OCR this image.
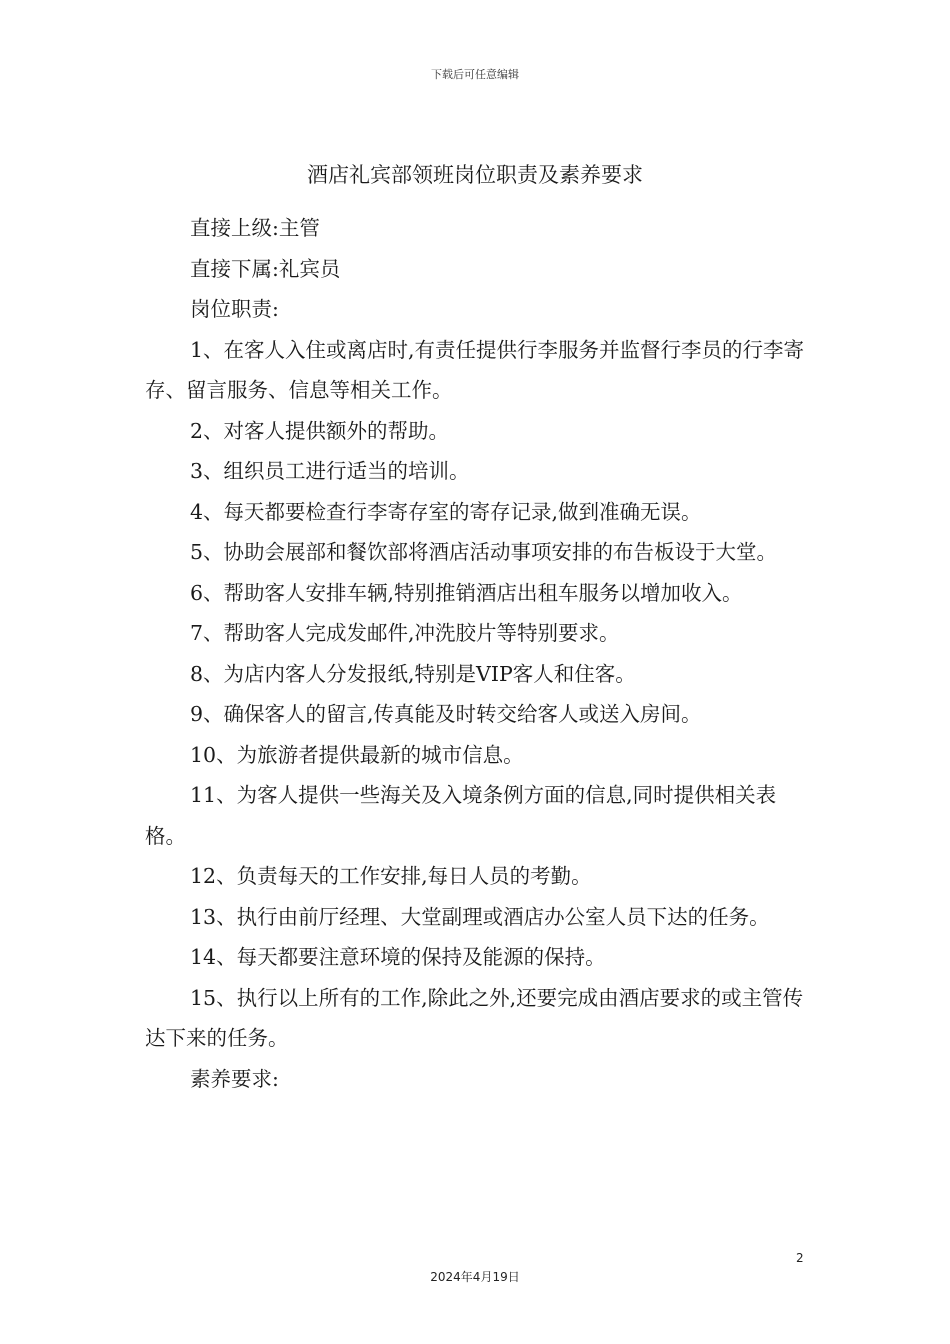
下载后可任意编辑
酒店礼宾部领班岗位职责及素养要求

直接上级:主管

直接下属:礼宾员

岗位职责:

1、在客人入住或离店时,有责任提供行李服务并监督行李员的行李寄存、留言服务、信息等相关工作。

2、对客人提供额外的帮助。

3、组织员工进行适当的培训。

4、每天都要检查行李寄存室的寄存记录,做到准确无误。

5、协助会展部和餐饮部将酒店活动事项安排的布告板设于大堂。

6、帮助客人安排车辆,特别推销酒店出租车服务以增加收入。

7、帮助客人完成发邮件,冲洗胶片等特别要求。

8、为店内客人分发报纸,特别是VIP客人和住客。

9、确保客人的留言,传真能及时转交给客人或送入房间。

10、为旅游者提供最新的城市信息。

11、为客人提供一些海关及入境条例方面的信息,同时提供相关表格。

12、负责每天的工作安排,每日人员的考勤。

13、执行由前厅经理、大堂副理或酒店办公室人员下达的任务。

14、每天都要注意环境的保持及能源的保持。

15、执行以上所有的工作,除此之外,还要完成由酒店要求的或主管传达下来的任务。

素养要求:

2
2024年4月19日
